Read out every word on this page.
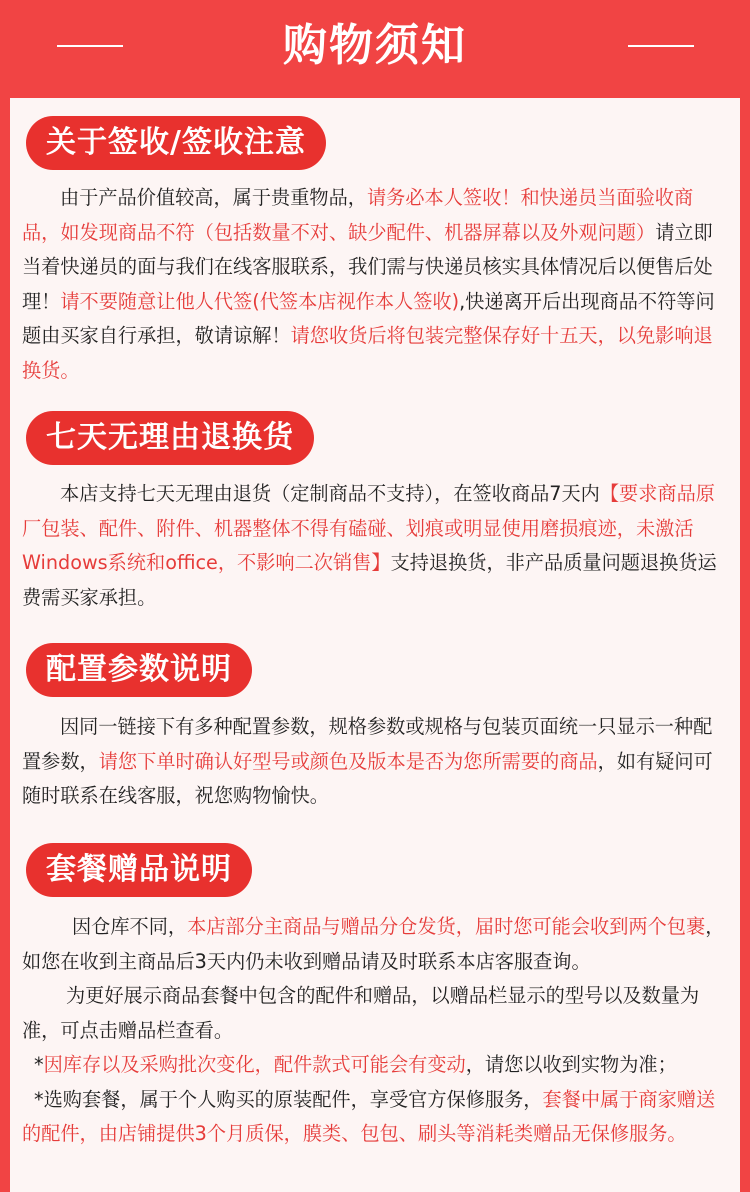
购物须知
关于签收/签收注意

由于产品价值较高，属于贵重物品，请务必本人签收！和快递员当面验收商品，如发现商品不符（包括数量不对、缺少配件、机器屏幕以及外观问题）请立即当着快递员的面与我们在线客服联系，我们需与快递员核实具体情况后以便售后处理！请不要随意让他人代签(代签本店视作本人签收),快递离开后出现商品不符等问题由买家自行承担，敬请谅解！请您收货后将包装完整保存好十五天，以免影响退换货。

七天无理由退换货

本店支持七天无理由退货（定制商品不支持），在签收商品7天内【要求商品原厂包装、配件、附件、机器整体不得有磕碰、划痕或明显使用磨损痕迹，未激活Windows系统和office，不影响二次销售】支持退换货，非产品质量问题退换货运费需买家承担。

配置参数说明

因同一链接下有多种配置参数，规格参数或规格与包装页面统一只显示一种配置参数，请您下单时确认好型号或颜色及版本是否为您所需要的商品，如有疑问可随时联系在线客服，祝您购物愉快。

套餐赠品说明

因仓库不同，本店部分主商品与赠品分仓发货，届时您可能会收到两个包裹，如您在收到主商品后3天内仍未收到赠品请及时联系本店客服查询。

为更好展示商品套餐中包含的配件和赠品，以赠品栏显示的型号以及数量为准，可点击赠品栏查看。

*因库存以及采购批次变化，配件款式可能会有变动，请您以收到实物为准；

*选购套餐，属于个人购买的原装配件，享受官方保修服务，套餐中属于商家赠送的配件，由店铺提供3个月质保，膜类、包包、刷头等消耗类赠品无保修服务。
